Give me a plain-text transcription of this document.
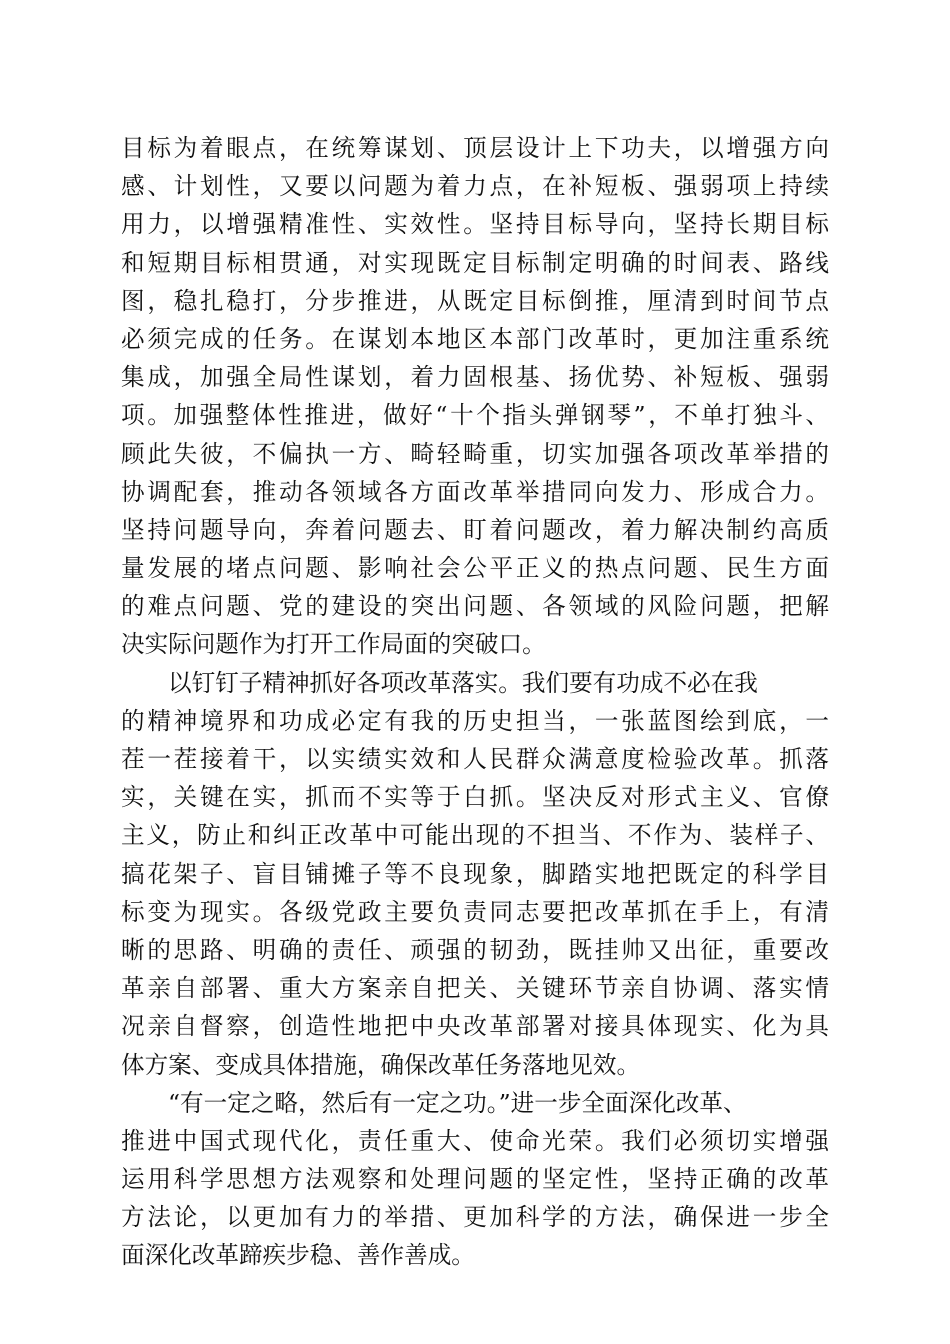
目标为着眼点，在统筹谋划、顶层设计上下功夫，以增强方向
感、计划性，又要以问题为着力点，在补短板、强弱项上持续
用力，以增强精准性、实效性。坚持目标导向，坚持长期目标
和短期目标相贯通，对实现既定目标制定明确的时间表、路线
图，稳扎稳打，分步推进，从既定目标倒推，厘清到时间节点
必须完成的任务。在谋划本地区本部门改革时，更加注重系统
集成，加强全局性谋划，着力固根基、扬优势、补短板、强弱
项。加强整体性推进，做好“十个指头弹钢琴”，不单打独斗、
顾此失彼，不偏执一方、畸轻畸重，切实加强各项改革举措的
协调配套，推动各领域各方面改革举措同向发力、形成合力。
坚持问题导向，奔着问题去、盯着问题改，着力解决制约高质
量发展的堵点问题、影响社会公平正义的热点问题、民生方面
的难点问题、党的建设的突出问题、各领域的风险问题，把解
决实际问题作为打开工作局面的突破口。
以钉钉子精神抓好各项改革落实。我们要有功成不必在我
的精神境界和功成必定有我的历史担当，一张蓝图绘到底，一
茬一茬接着干，以实绩实效和人民群众满意度检验改革。抓落
实，关键在实，抓而不实等于白抓。坚决反对形式主义、官僚
主义，防止和纠正改革中可能出现的不担当、不作为、装样子、
搞花架子、盲目铺摊子等不良现象，脚踏实地把既定的科学目
标变为现实。各级党政主要负责同志要把改革抓在手上，有清
晰的思路、明确的责任、顽强的韧劲，既挂帅又出征，重要改
革亲自部署、重大方案亲自把关、关键环节亲自协调、落实情
况亲自督察，创造性地把中央改革部署对接具体现实、化为具
体方案、变成具体措施，确保改革任务落地见效。
“有一定之略，然后有一定之功。”进一步全面深化改革、
推进中国式现代化，责任重大、使命光荣。我们必须切实增强
运用科学思想方法观察和处理问题的坚定性，坚持正确的改革
方法论，以更加有力的举措、更加科学的方法，确保进一步全
面深化改革蹄疾步稳、善作善成。
